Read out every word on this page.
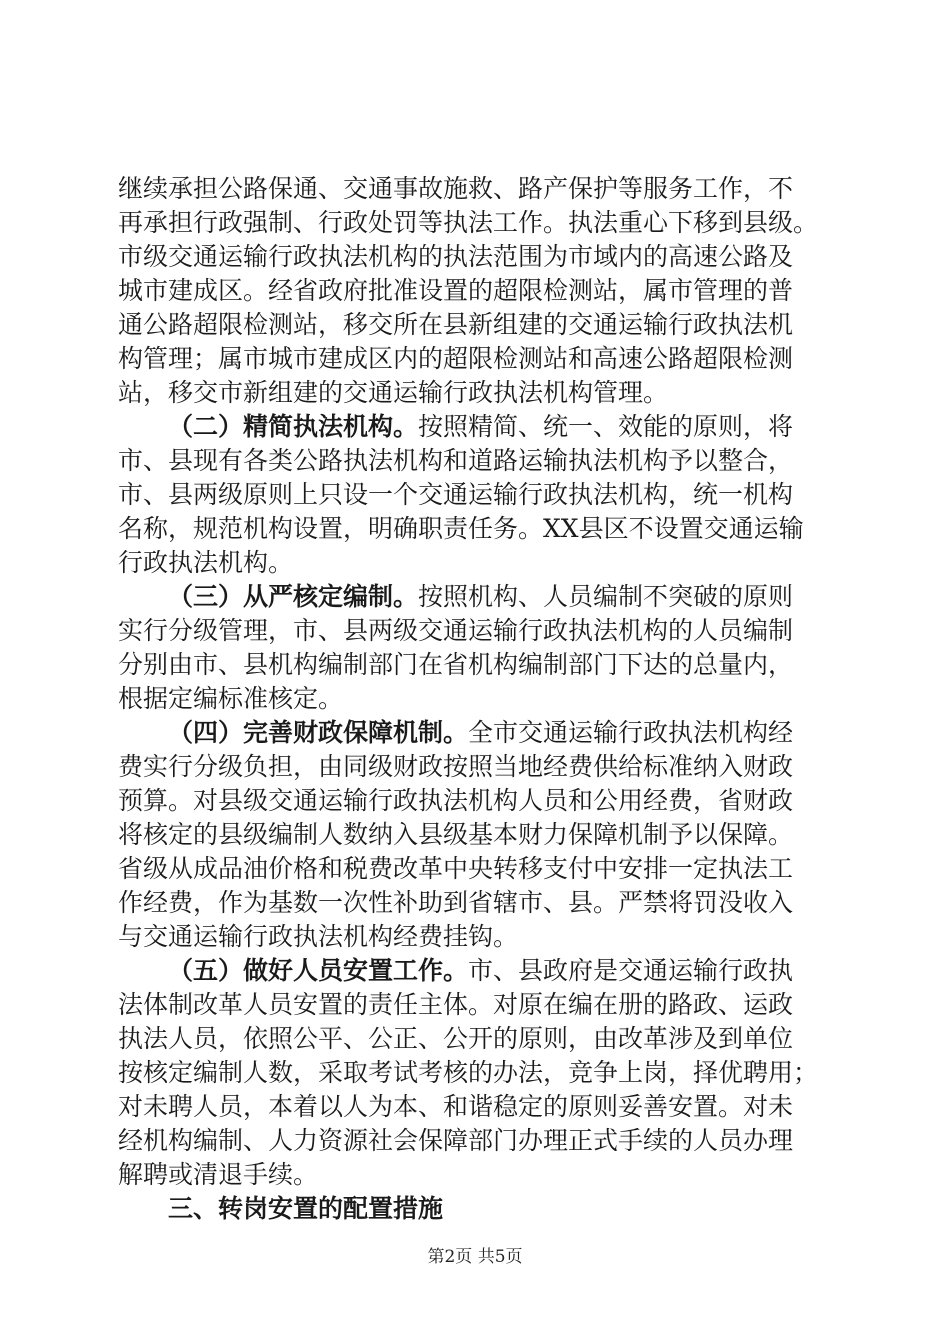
继续承担公路保通、交通事故施救、路产保护等服务工作，不
再承担行政强制、行政处罚等执法工作。执法重心下移到县级。
市级交通运输行政执法机构的执法范围为市域内的高速公路及
城市建成区。经省政府批准设置的超限检测站，属市管理的普
通公路超限检测站，移交所在县新组建的交通运输行政执法机
构管理；属市城市建成区内的超限检测站和高速公路超限检测
站，移交市新组建的交通运输行政执法机构管理。
（二）精简执法机构。按照精简、统一、效能的原则，将
市、县现有各类公路执法机构和道路运输执法机构予以整合，
市、县两级原则上只设一个交通运输行政执法机构，统一机构
名称，规范机构设置，明确职责任务。XX县区不设置交通运输
行政执法机构。
（三）从严核定编制。按照机构、人员编制不突破的原则
实行分级管理，市、县两级交通运输行政执法机构的人员编制
分别由市、县机构编制部门在省机构编制部门下达的总量内，
根据定编标准核定。
（四）完善财政保障机制。全市交通运输行政执法机构经
费实行分级负担，由同级财政按照当地经费供给标准纳入财政
预算。对县级交通运输行政执法机构人员和公用经费，省财政
将核定的县级编制人数纳入县级基本财力保障机制予以保障。
省级从成品油价格和税费改革中央转移支付中安排一定执法工
作经费，作为基数一次性补助到省辖市、县。严禁将罚没收入
与交通运输行政执法机构经费挂钩。
（五）做好人员安置工作。市、县政府是交通运输行政执
法体制改革人员安置的责任主体。对原在编在册的路政、运政
执法人员，依照公平、公正、公开的原则，由改革涉及到单位
按核定编制人数，采取考试考核的办法，竞争上岗，择优聘用；
对未聘人员，本着以人为本、和谐稳定的原则妥善安置。对未
经机构编制、人力资源社会保障部门办理正式手续的人员办理
解聘或清退手续。
三、转岗安置的配置措施
第2页 共5页
